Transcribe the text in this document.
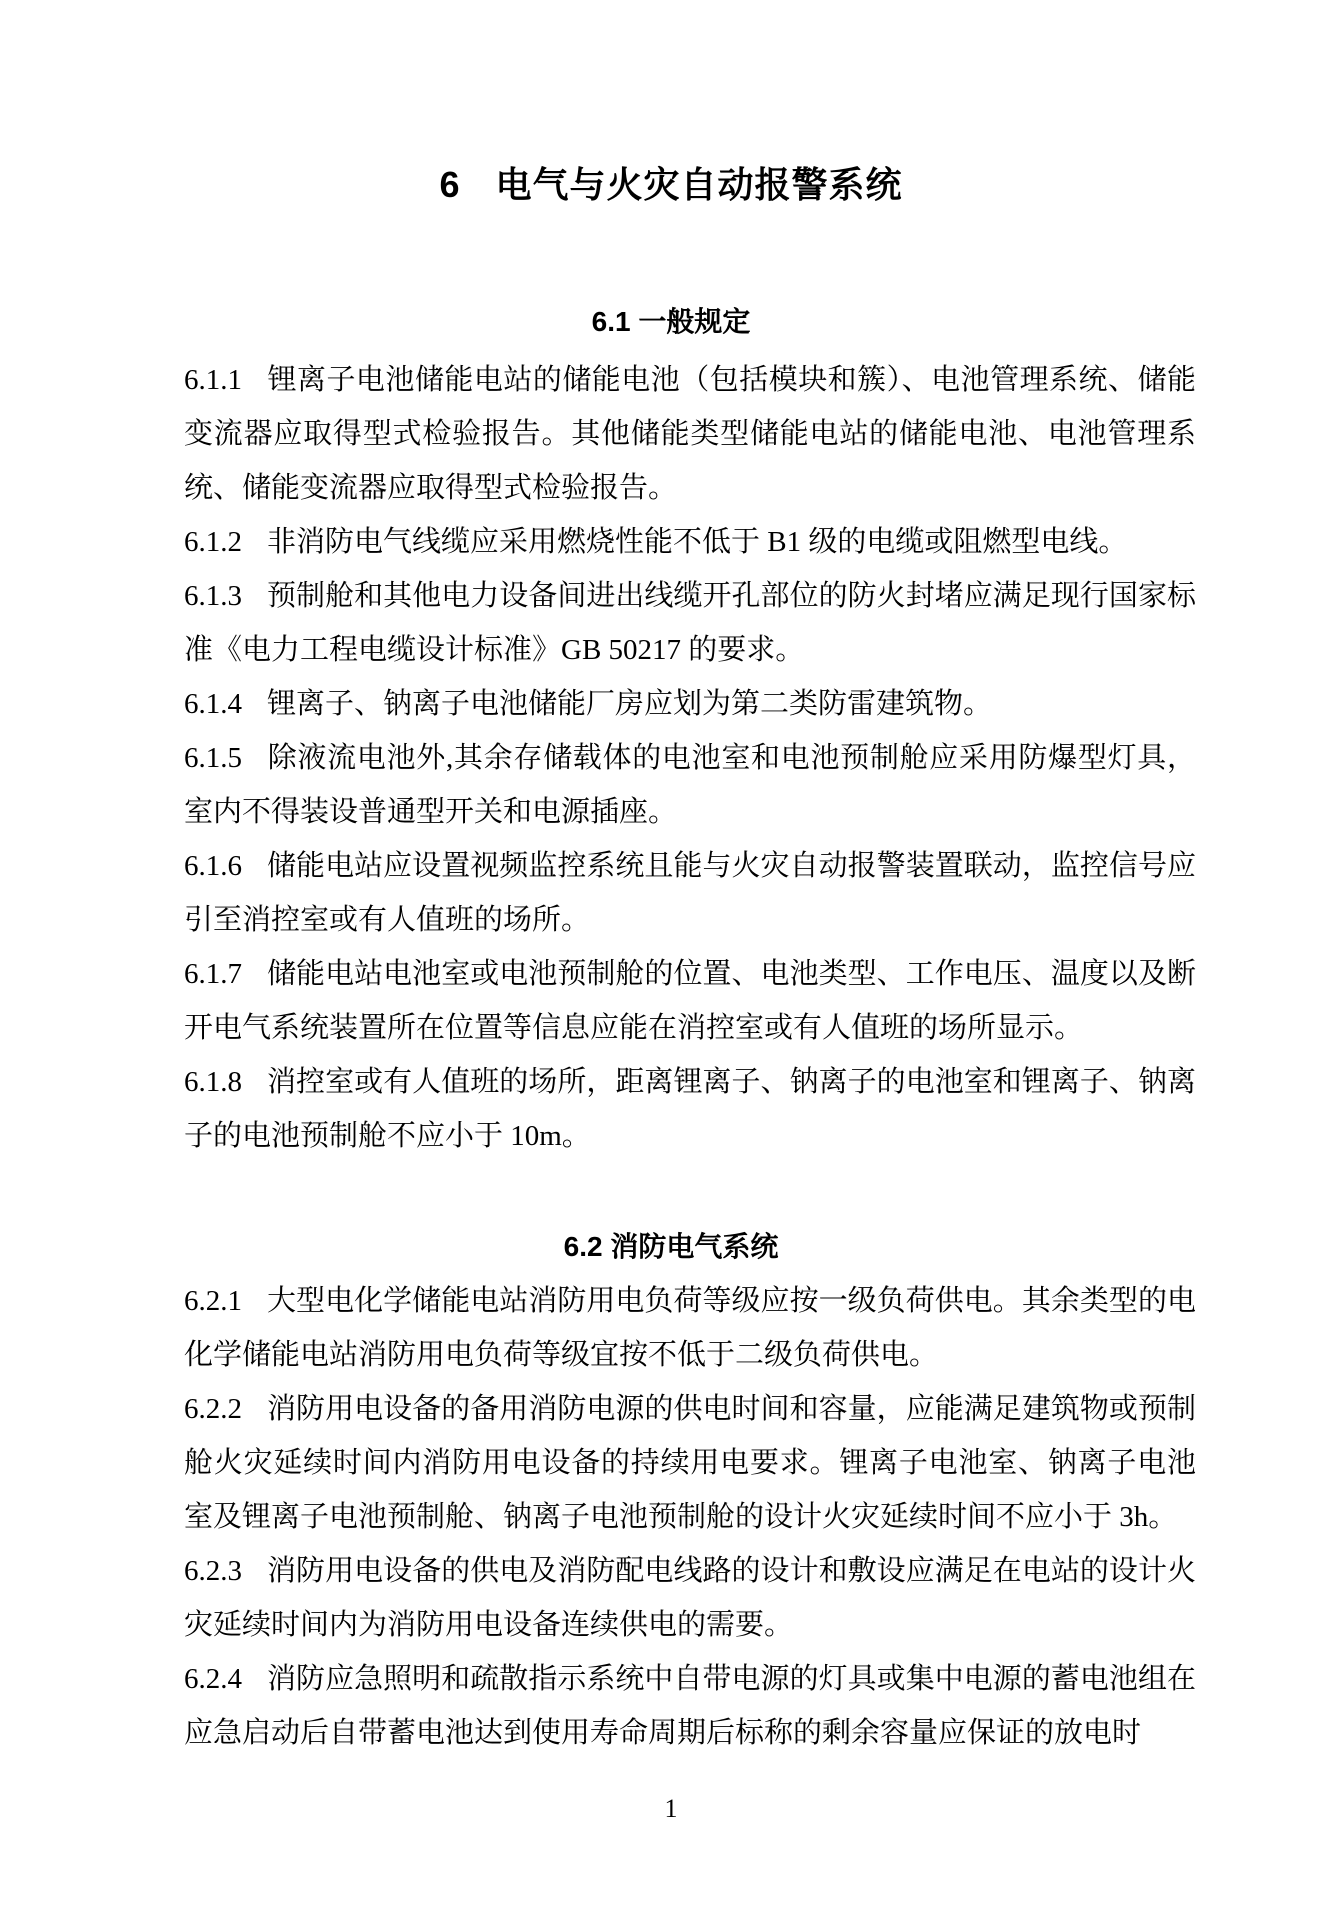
6 电气与火灾自动报警系统
6.1 一般规定

6.1.1 锂离子电池储能电站的储能电池（包括模块和簇）、电池管理系统、储能变流器应取得型式检验报告。其他储能类型储能电站的储能电池、电池管理系统、储能变流器应取得型式检验报告。

6.1.2 非消防电气线缆应采用燃烧性能不低于 B1 级的电缆或阻燃型电线。

6.1.3 预制舱和其他电力设备间进出线缆开孔部位的防火封堵应满足现行国家标准《电力工程电缆设计标准》GB 50217 的要求。

6.1.4 锂离子、钠离子电池储能厂房应划为第二类防雷建筑物。

6.1.5 除液流电池外,其余存储载体的电池室和电池预制舱应采用防爆型灯具，室内不得装设普通型开关和电源插座。

6.1.6 储能电站应设置视频监控系统且能与火灾自动报警装置联动，监控信号应引至消控室或有人值班的场所。

6.1.7 储能电站电池室或电池预制舱的位置、电池类型、工作电压、温度以及断开电气系统装置所在位置等信息应能在消控室或有人值班的场所显示。

6.1.8 消控室或有人值班的场所，距离锂离子、钠离子的电池室和锂离子、钠离子的电池预制舱不应小于 10m。

6.2 消防电气系统

6.2.1 大型电化学储能电站消防用电负荷等级应按一级负荷供电。其余类型的电化学储能电站消防用电负荷等级宜按不低于二级负荷供电。

6.2.2 消防用电设备的备用消防电源的供电时间和容量，应能满足建筑物或预制舱火灾延续时间内消防用电设备的持续用电要求。锂离子电池室、钠离子电池室及锂离子电池预制舱、钠离子电池预制舱的设计火灾延续时间不应小于 3h。

6.2.3 消防用电设备的供电及消防配电线路的设计和敷设应满足在电站的设计火灾延续时间内为消防用电设备连续供电的需要。

6.2.4 消防应急照明和疏散指示系统中自带电源的灯具或集中电源的蓄电池组在应急启动后自带蓄电池达到使用寿命周期后标称的剩余容量应保证的放电时

1
